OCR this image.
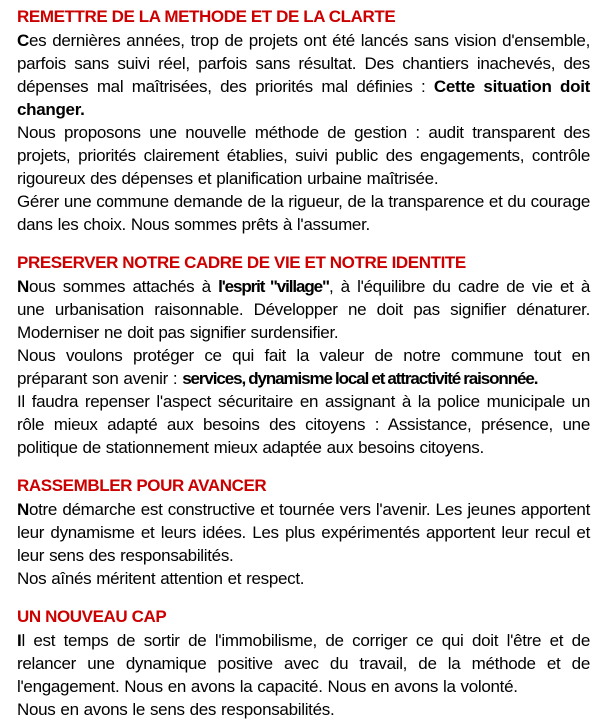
REMETTRE DE LA METHODE ET DE LA CLARTE

Ces dernières années, trop de projets ont été lancés sans vision d'ensemble, parfois sans suivi réel, parfois sans résultat. Des chantiers inachevés, des dépenses mal maîtrisées, des priorités mal définies : Cette situation doit changer.

Nous proposons une nouvelle méthode de gestion : audit transparent des projets, priorités clairement établies, suivi public des engagements, contrôle rigoureux des dépenses et planification urbaine maîtrisée.

Gérer une commune demande de la rigueur, de la transparence et du courage dans les choix. Nous sommes prêts à l'assumer.

PRESERVER NOTRE CADRE DE VIE ET NOTRE IDENTITE

Nous sommes attachés à l'esprit "village", à l'équilibre du cadre de vie et à une urbanisation raisonnable. Développer ne doit pas signifier dénaturer. Moderniser ne doit pas signifier surdensifier.

Nous voulons protéger ce qui fait la valeur de notre commune tout en préparant son avenir : services, dynamisme local et attractivité raisonnée.

Il faudra repenser l'aspect sécuritaire en assignant à la police municipale un rôle mieux adapté aux besoins des citoyens : Assistance, présence, une politique de stationnement mieux adaptée aux besoins citoyens.

RASSEMBLER POUR AVANCER

Notre démarche est constructive et tournée vers l'avenir. Les jeunes apportent leur dynamisme et leurs idées. Les plus expérimentés apportent leur recul et leur sens des responsabilités.

Nos aînés méritent attention et respect.

UN NOUVEAU CAP

Il est temps de sortir de l'immobilisme, de corriger ce qui doit l'être et de relancer une dynamique positive avec du travail, de la méthode et de l'engagement. Nous en avons la capacité. Nous en avons la volonté.

Nous en avons le sens des responsabilités.
